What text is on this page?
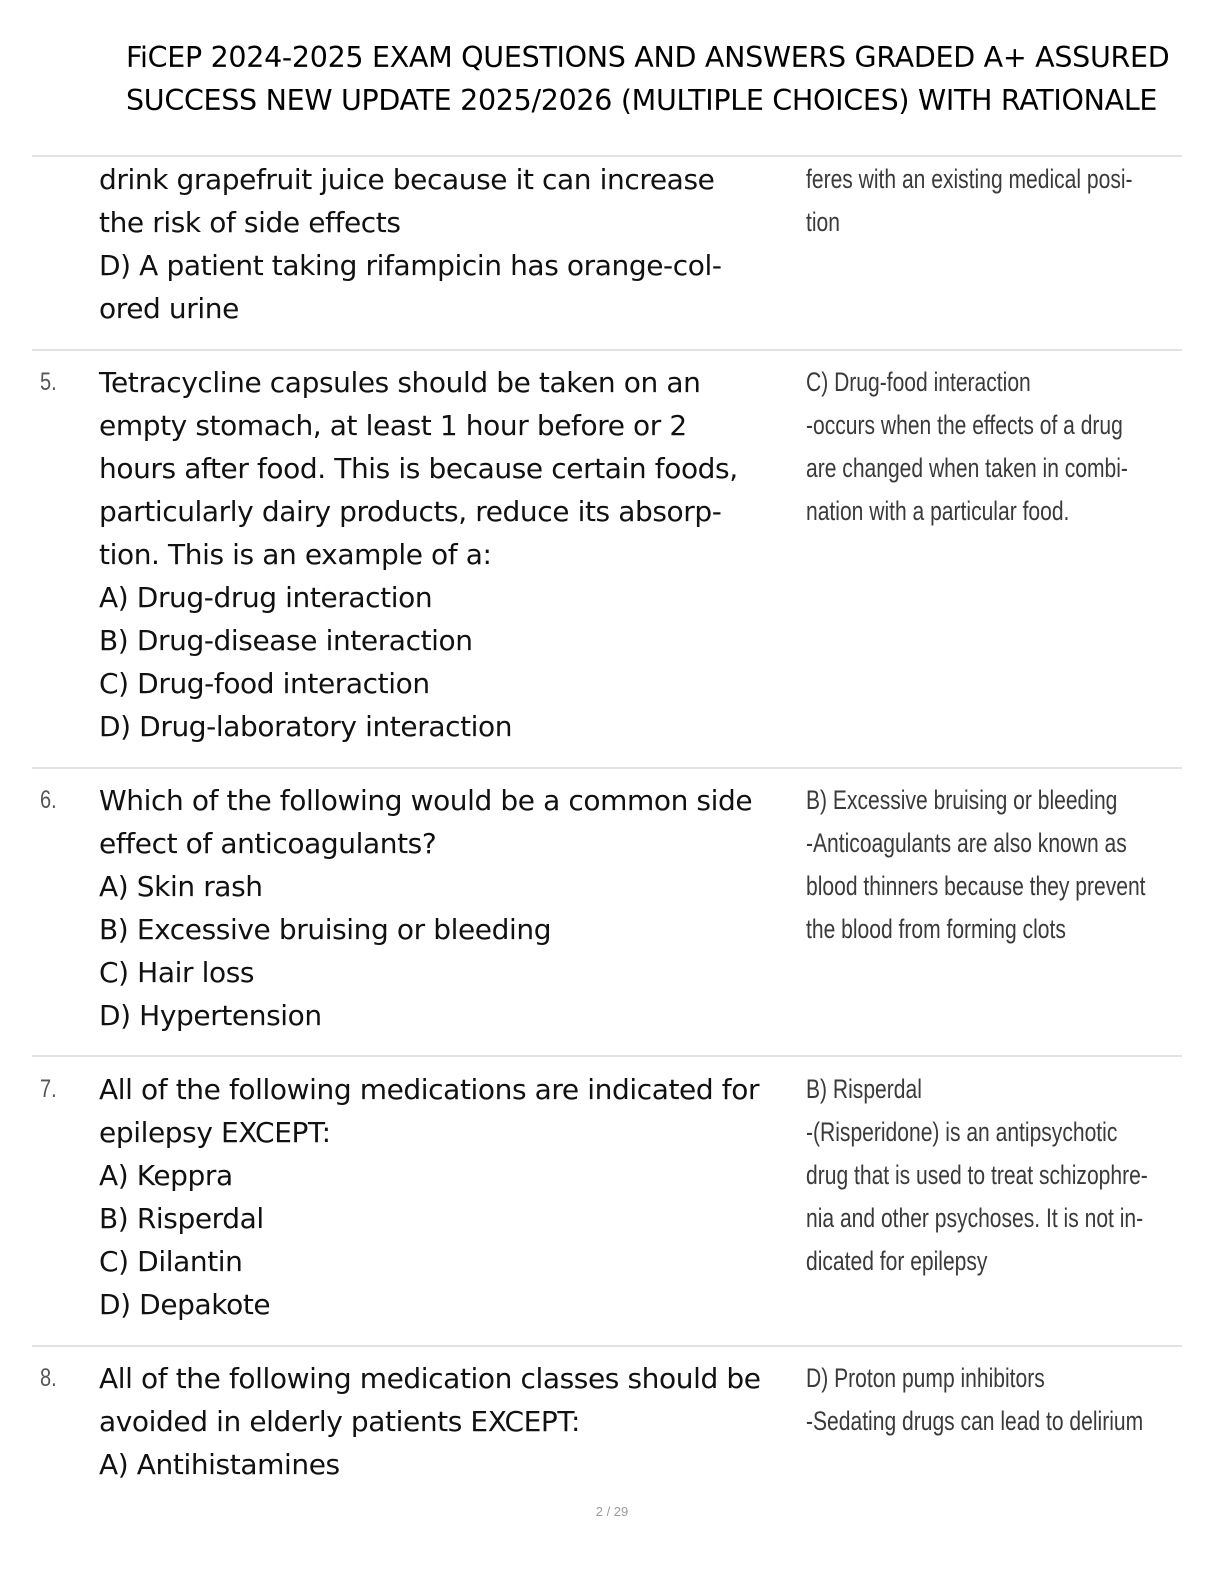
FiCEP 2024-2025 EXAM QUESTIONS AND ANSWERS GRADED A+ ASSURED
SUCCESS NEW UPDATE 2025/2026 (MULTIPLE CHOICES) WITH RATIONALE
drink grapefruit juice because it can increase
the risk of side effects
D) A patient taking rifampicin has orange-col-
ored urine
feres with an existing medical posi-
tion
5. Tetracycline capsules should be taken on an
empty stomach, at least 1 hour before or 2
hours after food. This is because certain foods,
particularly dairy products, reduce its absorp-
tion. This is an example of a:
A) Drug-drug interaction
B) Drug-disease interaction
C) Drug-food interaction
D) Drug-laboratory interaction
C) Drug-food interaction
-occurs when the effects of a drug
are changed when taken in combi-
nation with a particular food.
6. Which of the following would be a common side
effect of anticoagulants?
A) Skin rash
B) Excessive bruising or bleeding
C) Hair loss
D) Hypertension
B) Excessive bruising or bleeding
-Anticoagulants are also known as
blood thinners because they prevent
the blood from forming clots
7. All of the following medications are indicated for
epilepsy EXCEPT:
A) Keppra
B) Risperdal
C) Dilantin
D) Depakote
B) Risperdal
-(Risperidone) is an antipsychotic
drug that is used to treat schizophre-
nia and other psychoses. It is not in-
dicated for epilepsy
8. All of the following medication classes should be
avoided in elderly patients EXCEPT:
A) Antihistamines
D) Proton pump inhibitors
-Sedating drugs can lead to delirium
2 / 29
